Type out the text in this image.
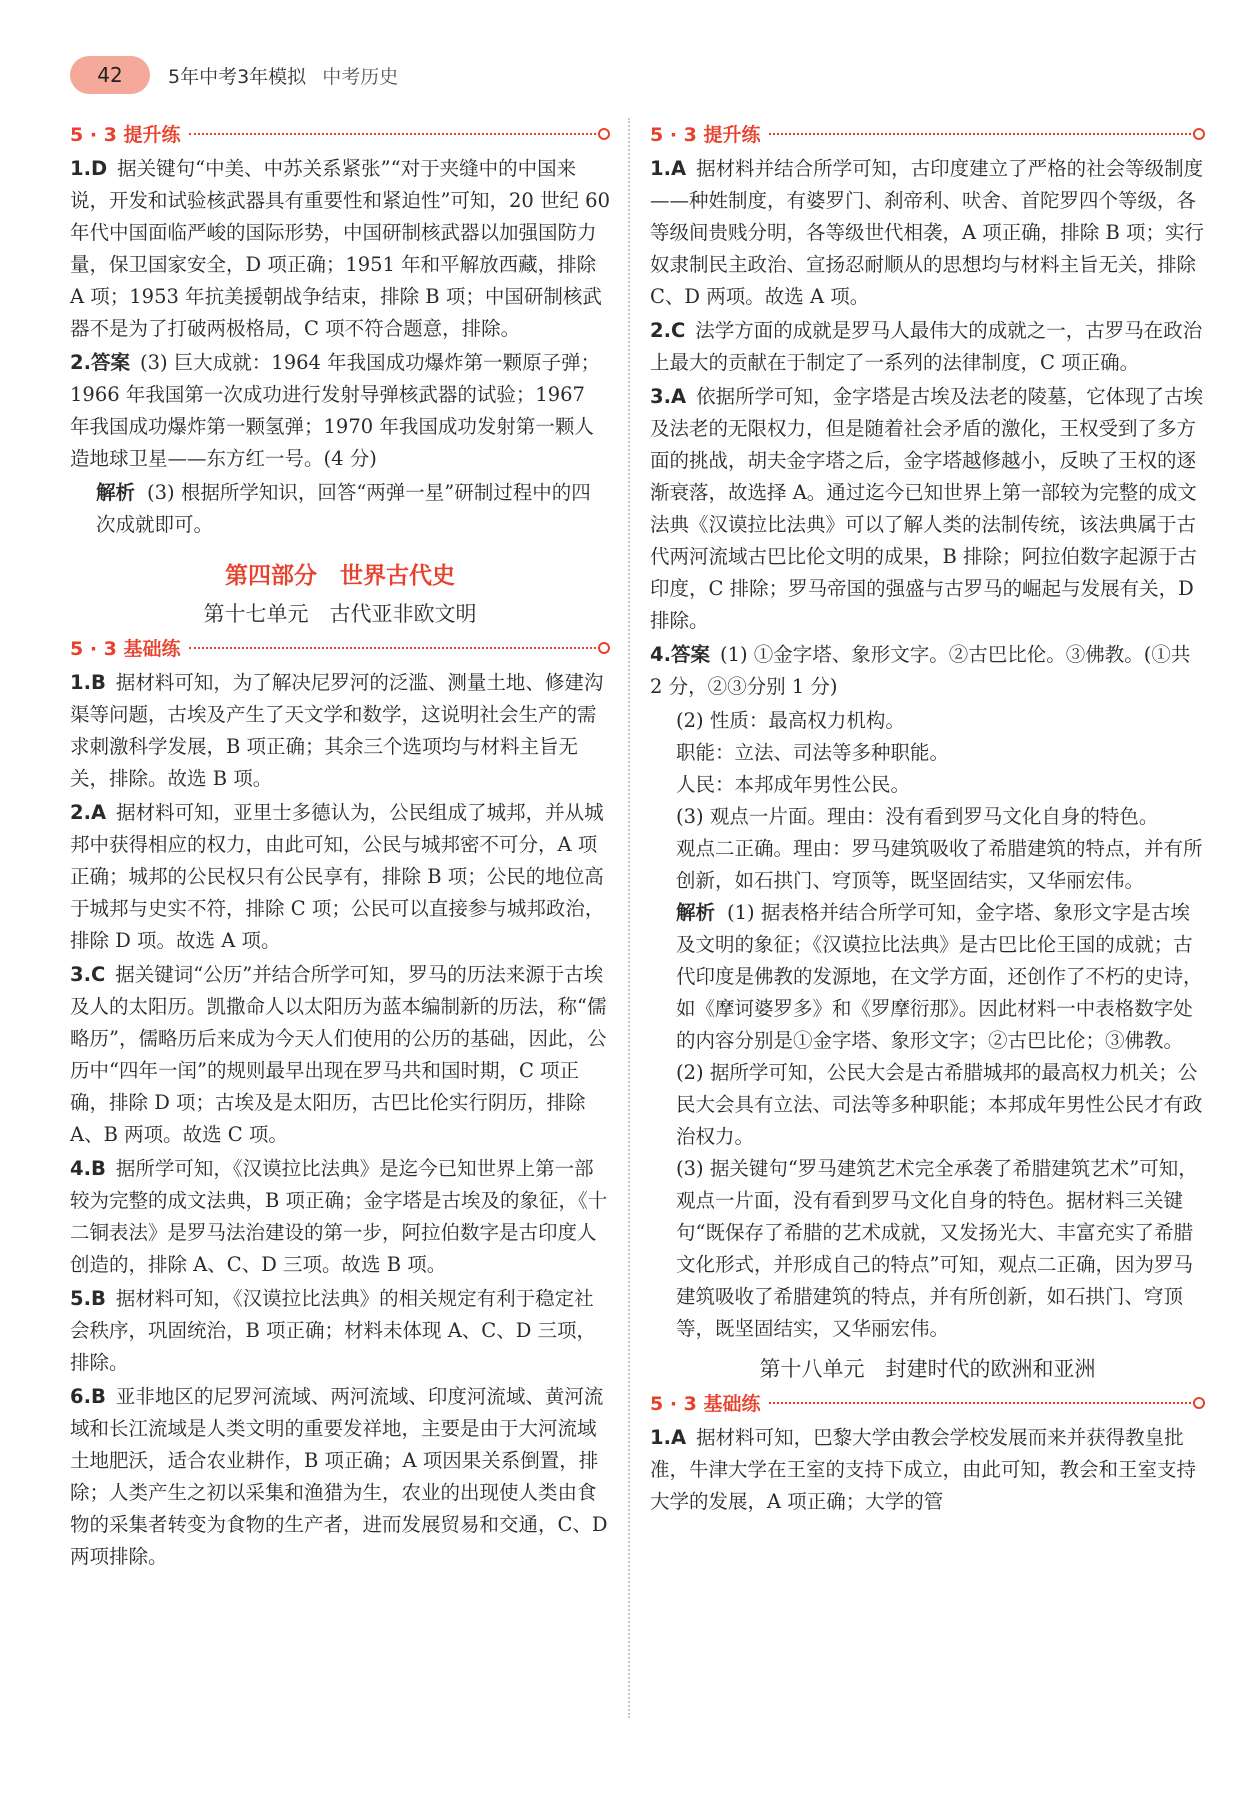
42	5年中考3年模拟 中考历史
5 · 3 提升练
1.D 据关键句“中美、中苏关系紧张”“对于夹缝中的中国来说，开发和试验核武器具有重要性和紧迫性”可知，20 世纪 60 年代中国面临严峻的国际形势，中国研制核武器以加强国防力量，保卫国家安全，D 项正确；1951 年和平解放西藏，排除 A 项；1953 年抗美援朝战争结束，排除 B 项；中国研制核武器不是为了打破两极格局，C 项不符合题意，排除。
2.答案 (3) 巨大成就：1964 年我国成功爆炸第一颗原子弹；1966 年我国第一次成功进行发射导弹核武器的试验；1967 年我国成功爆炸第一颗氢弹；1970 年我国成功发射第一颗人造地球卫星——东方红一号。(4 分)
解析 (3) 根据所学知识，回答“两弹一星”研制过程中的四次成就即可。
第四部分　世界古代史
第十七单元　古代亚非欧文明
5 · 3 基础练
1.B 据材料可知，为了解决尼罗河的泛滥、测量土地、修建沟渠等问题，古埃及产生了天文学和数学，这说明社会生产的需求刺激科学发展，B 项正确；其余三个选项均与材料主旨无关，排除。故选 B 项。
2.A 据材料可知，亚里士多德认为，公民组成了城邦，并从城邦中获得相应的权力，由此可知，公民与城邦密不可分，A 项正确；城邦的公民权只有公民享有，排除 B 项；公民的地位高于城邦与史实不符，排除 C 项；公民可以直接参与城邦政治，排除 D 项。故选 A 项。
3.C 据关键词“公历”并结合所学可知，罗马的历法来源于古埃及人的太阳历。凯撒命人以太阳历为蓝本编制新的历法，称“儒略历”，儒略历后来成为今天人们使用的公历的基础，因此，公历中“四年一闰”的规则最早出现在罗马共和国时期，C 项正确，排除 D 项；古埃及是太阳历，古巴比伦实行阴历，排除 A、B 两项。故选 C 项。
4.B 据所学可知，《汉谟拉比法典》是迄今已知世界上第一部较为完整的成文法典，B 项正确；金字塔是古埃及的象征，《十二铜表法》是罗马法治建设的第一步，阿拉伯数字是古印度人创造的，排除 A、C、D 三项。故选 B 项。
5.B 据材料可知，《汉谟拉比法典》的相关规定有利于稳定社会秩序，巩固统治，B 项正确；材料未体现 A、C、D 三项，排除。
6.B 亚非地区的尼罗河流域、两河流域、印度河流域、黄河流域和长江流域是人类文明的重要发祥地，主要是由于大河流域土地肥沃，适合农业耕作，B 项正确；A 项因果关系倒置，排除；人类产生之初以采集和渔猎为生，农业的出现使人类由食物的采集者转变为食物的生产者，进而发展贸易和交通，C、D 两项排除。
5 · 3 提升练
1.A 据材料并结合所学可知，古印度建立了严格的社会等级制度——种姓制度，有婆罗门、刹帝利、吠舍、首陀罗四个等级，各等级间贵贱分明，各等级世代相袭，A 项正确，排除 B 项；实行奴隶制民主政治、宣扬忍耐顺从的思想均与材料主旨无关，排除 C、D 两项。故选 A 项。
2.C 法学方面的成就是罗马人最伟大的成就之一，古罗马在政治上最大的贡献在于制定了一系列的法律制度，C 项正确。
3.A 依据所学可知，金字塔是古埃及法老的陵墓，它体现了古埃及法老的无限权力，但是随着社会矛盾的激化，王权受到了多方面的挑战，胡夫金字塔之后，金字塔越修越小，反映了王权的逐渐衰落，故选择 A。通过迄今已知世界上第一部较为完整的成文法典《汉谟拉比法典》可以了解人类的法制传统，该法典属于古代两河流域古巴比伦文明的成果，B 排除；阿拉伯数字起源于古印度，C 排除；罗马帝国的强盛与古罗马的崛起与发展有关，D 排除。
4.答案 (1) ①金字塔、象形文字。②古巴比伦。③佛教。(①共 2 分，②③分别 1 分)
(2) 性质：最高权力机构。
职能：立法、司法等多种职能。
人民：本邦成年男性公民。
(3) 观点一片面。理由：没有看到罗马文化自身的特色。
观点二正确。理由：罗马建筑吸收了希腊建筑的特点，并有所创新，如石拱门、穹顶等，既坚固结实，又华丽宏伟。
解析 (1) 据表格并结合所学可知，金字塔、象形文字是古埃及文明的象征；《汉谟拉比法典》是古巴比伦王国的成就；古代印度是佛教的发源地，在文学方面，还创作了不朽的史诗，如《摩诃婆罗多》和《罗摩衍那》。因此材料一中表格数字处的内容分别是①金字塔、象形文字；②古巴比伦；③佛教。
(2) 据所学可知，公民大会是古希腊城邦的最高权力机关；公民大会具有立法、司法等多种职能；本邦成年男性公民才有政治权力。
(3) 据关键句“罗马建筑艺术完全承袭了希腊建筑艺术”可知，观点一片面，没有看到罗马文化自身的特色。据材料三关键句“既保存了希腊的艺术成就，又发扬光大、丰富充实了希腊文化形式，并形成自己的特点”可知，观点二正确，因为罗马建筑吸收了希腊建筑的特点，并有所创新，如石拱门、穹顶等，既坚固结实，又华丽宏伟。
第十八单元　封建时代的欧洲和亚洲
5 · 3 基础练
1.A 据材料可知，巴黎大学由教会学校发展而来并获得教皇批准，牛津大学在王室的支持下成立，由此可知，教会和王室支持大学的发展，A 项正确；大学的管
